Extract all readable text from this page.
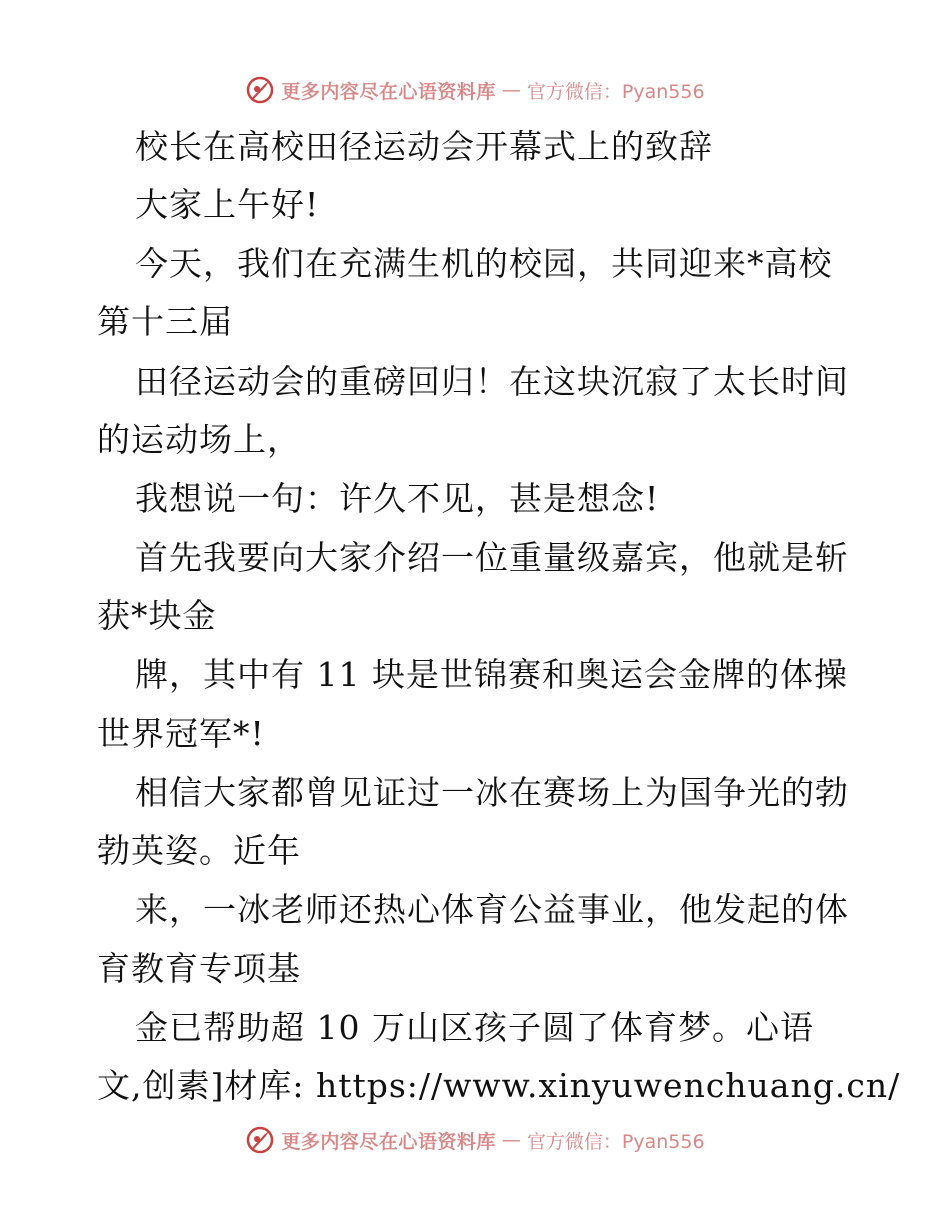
更多内容尽在心语资料库 — 官方微信：Pyan556
校长在高校田径运动会开幕式上的致辞
大家上午好!
今天，我们在充满生机的校园，共同迎来*高校
第十三届
田径运动会的重磅回归！在这块沉寂了太长时间
的运动场上，
我想说一句：许久不见，甚是想念!
首先我要向大家介绍一位重量级嘉宾，他就是斩
获*块金
牌，其中有 11 块是世锦赛和奥运会金牌的体操
世界冠军*!
相信大家都曾见证过一冰在赛场上为国争光的勃
勃英姿。近年
来，一冰老师还热心体育公益事业，他发起的体
育教育专项基
金已帮助超 10 万山区孩子圆了体育梦。心语
文,创素]材库: https://www.xinyuwenchuang.cn/
更多内容尽在心语资料库 — 官方微信：Pyan556
